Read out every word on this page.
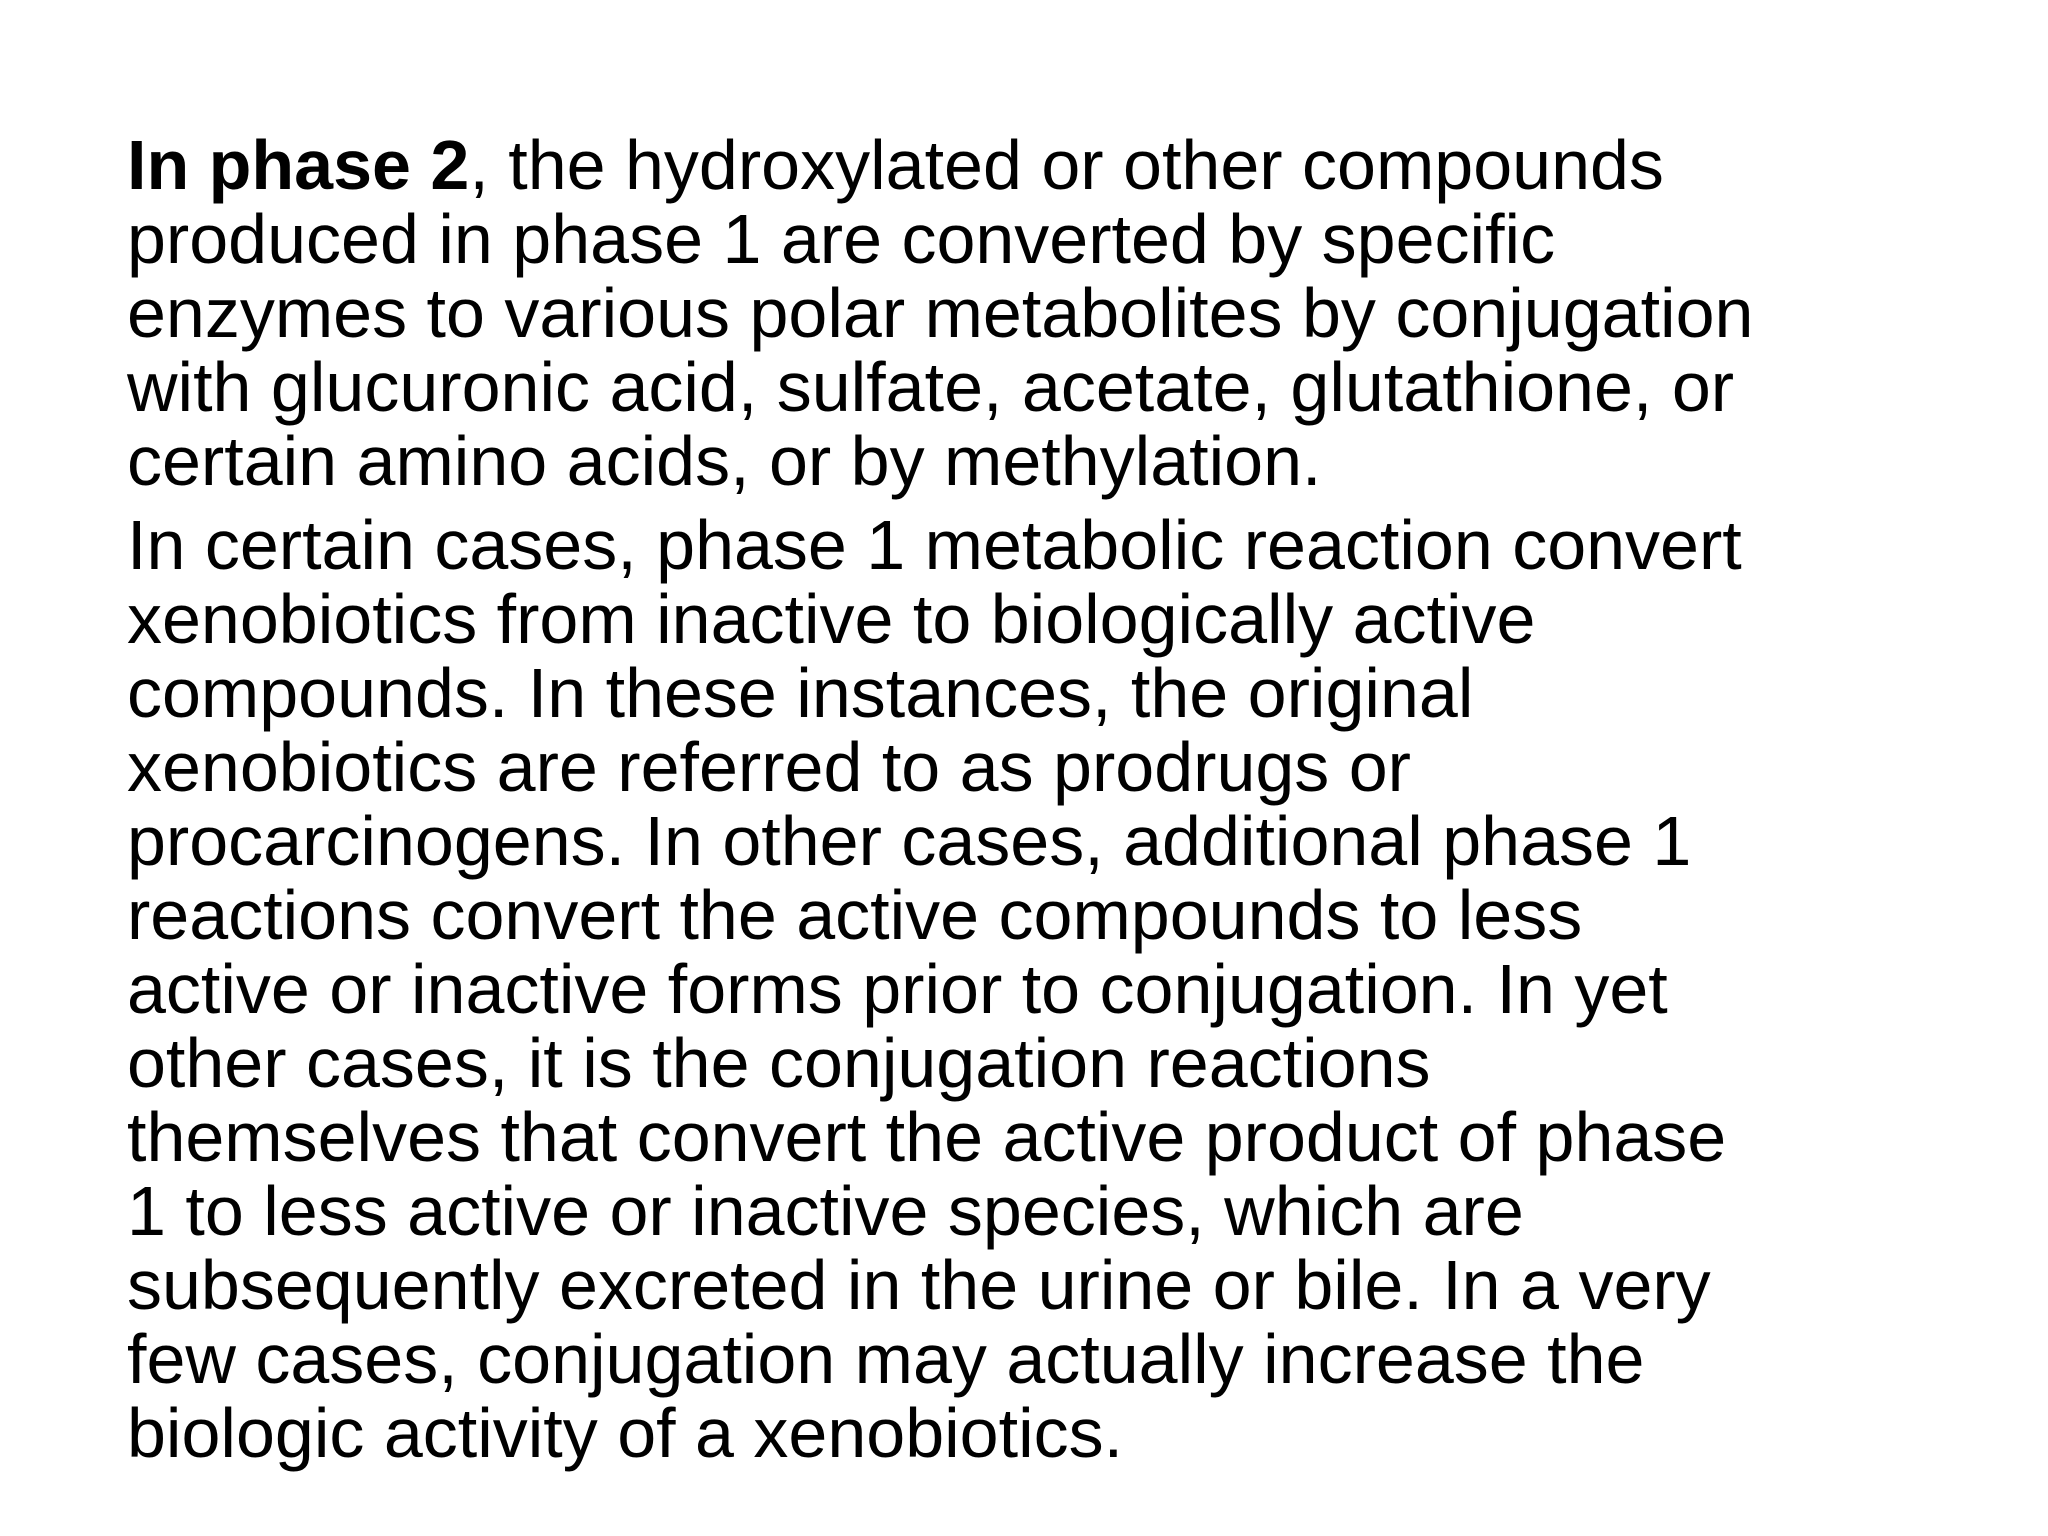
In phase 2, the hydroxylated or other compounds
produced in phase 1 are converted by specific
enzymes to various polar metabolites by conjugation
with glucuronic acid, sulfate, acetate, glutathione, or
certain amino acids, or by methylation.

In certain cases, phase 1 metabolic reaction convert
xenobiotics from inactive to biologically active
compounds. In these instances, the original
xenobiotics are referred to as prodrugs or
procarcinogens. In other cases, additional phase 1
reactions convert the active compounds to less
active or inactive forms prior to conjugation. In yet
other cases, it is the conjugation reactions
themselves that convert the active product of phase
1 to less active or inactive species, which are
subsequently excreted in the urine or bile. In a very
few cases, conjugation may actually increase the
biologic activity of a xenobiotics.
